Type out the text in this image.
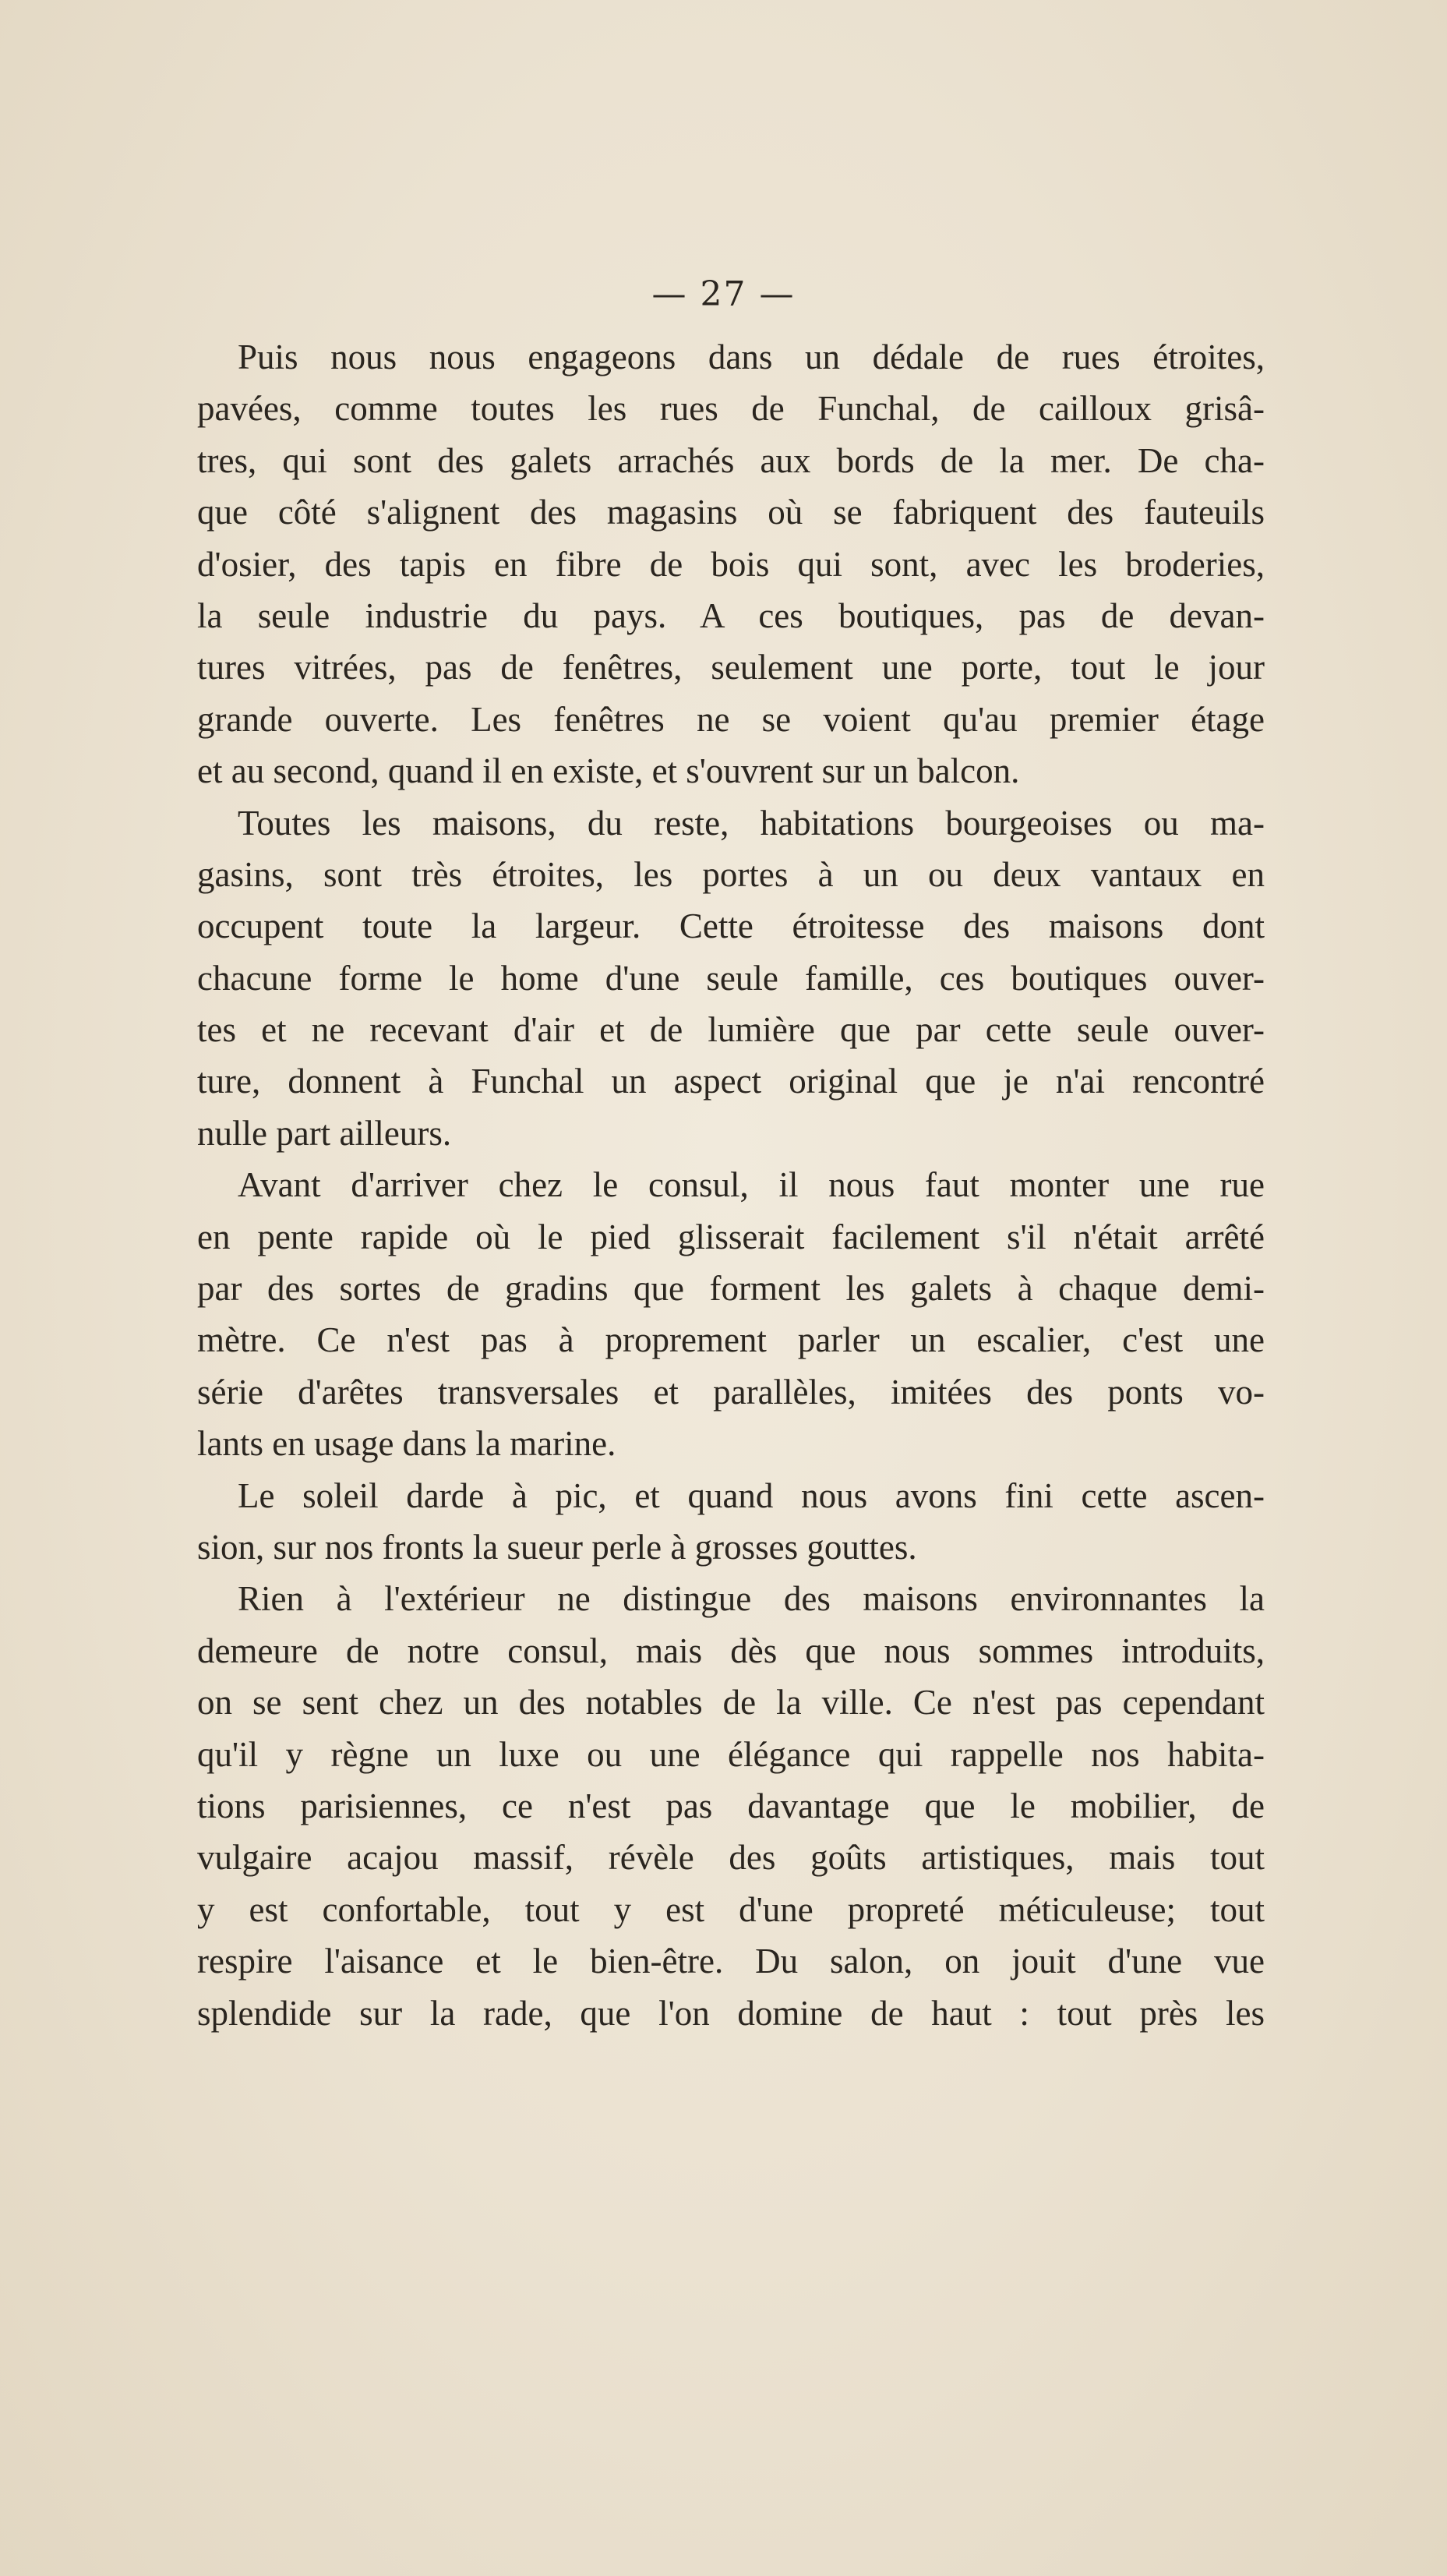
— 27 —
Puis nous nous engageons dans un dédale de rues étroites,
pavées, comme toutes les rues de Funchal, de cailloux grisâ-
tres, qui sont des galets arrachés aux bords de la mer. De cha-
que côté s'alignent des magasins où se fabriquent des fauteuils
d'osier, des tapis en fibre de bois qui sont, avec les broderies,
la seule industrie du pays. A ces boutiques, pas de devan-
tures vitrées, pas de fenêtres, seulement une porte, tout le jour
grande ouverte. Les fenêtres ne se voient qu'au premier étage
et au second, quand il en existe, et s'ouvrent sur un balcon.
Toutes les maisons, du reste, habitations bourgeoises ou ma-
gasins, sont très étroites, les portes à un ou deux vantaux en
occupent toute la largeur. Cette étroitesse des maisons dont
chacune forme le home d'une seule famille, ces boutiques ouver-
tes et ne recevant d'air et de lumière que par cette seule ouver-
ture, donnent à Funchal un aspect original que je n'ai rencontré
nulle part ailleurs.
Avant d'arriver chez le consul, il nous faut monter une rue
en pente rapide où le pied glisserait facilement s'il n'était arrêté
par des sortes de gradins que forment les galets à chaque demi-
mètre. Ce n'est pas à proprement parler un escalier, c'est une
série d'arêtes transversales et parallèles, imitées des ponts vo-
lants en usage dans la marine.
Le soleil darde à pic, et quand nous avons fini cette ascen-
sion, sur nos fronts la sueur perle à grosses gouttes.
Rien à l'extérieur ne distingue des maisons environnantes la
demeure de notre consul, mais dès que nous sommes introduits,
on se sent chez un des notables de la ville. Ce n'est pas cependant
qu'il y règne un luxe ou une élégance qui rappelle nos habita-
tions parisiennes, ce n'est pas davantage que le mobilier, de
vulgaire acajou massif, révèle des goûts artistiques, mais tout
y est confortable, tout y est d'une propreté méticuleuse; tout
respire l'aisance et le bien-être. Du salon, on jouit d'une vue
splendide sur la rade, que l'on domine de haut : tout près les
